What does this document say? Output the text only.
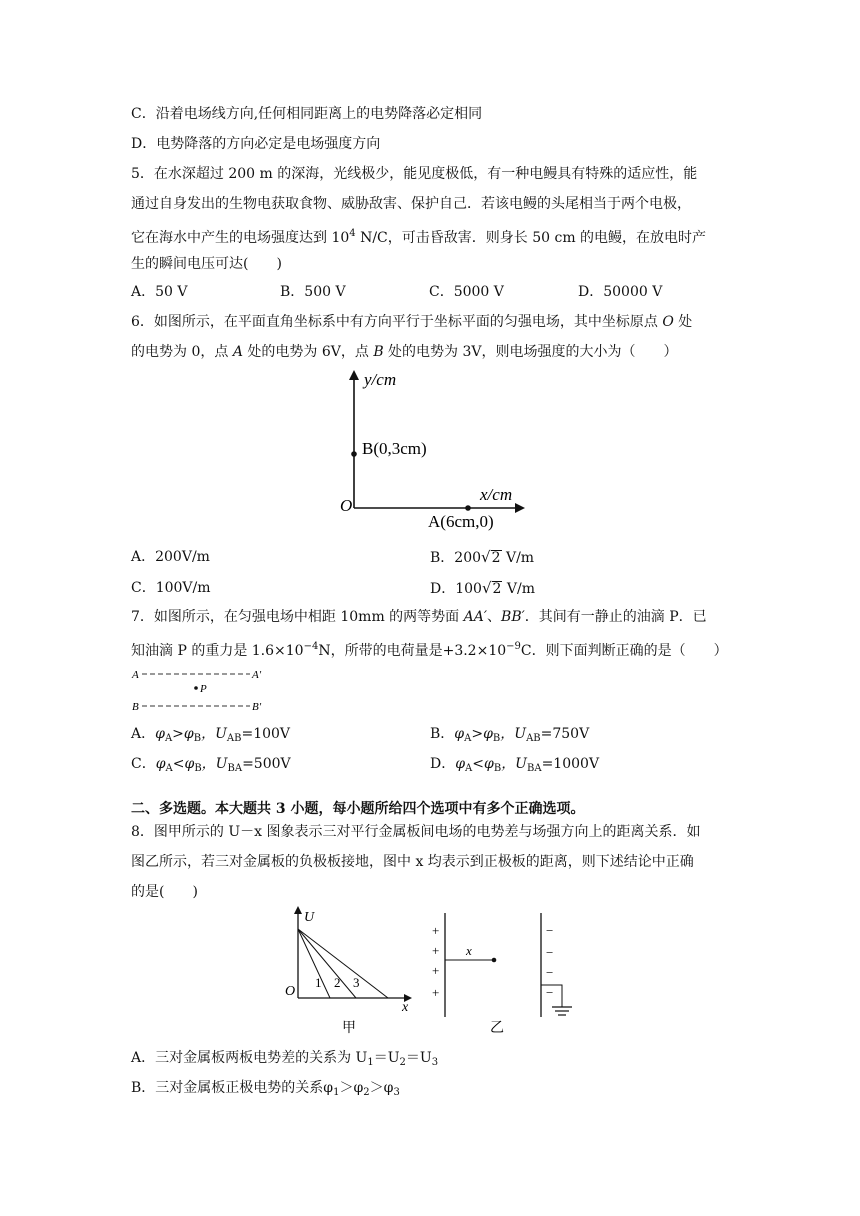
C．沿着电场线方向,任何相同距离上的电势降落必定相同
D．电势降落的方向必定是电场强度方向
5．在水深超过 200 m 的深海，光线极少，能见度极低，有一种电鳗具有特殊的适应性，能
通过自身发出的生物电获取食物、威胁敌害、保护自己．若该电鳗的头尾相当于两个电极，
它在海水中产生的电场强度达到 $10^4$ N/C，可击昏敌害．则身长 50 cm 的电鳗，在放电时产
生的瞬间电压可达(　　)
A．50 V	B．500 V	C．5000 V	D．50000 V
6．如图所示，在平面直角坐标系中有方向平行于坐标平面的匀强电场，其中坐标原点 O 处
的电势为 0，点 A 处的电势为 6V，点 B 处的电势为 3V，则电场强度的大小为（　　）
y/cm
x/cm
O
B(0,3cm)
A(6cm,0)
A．200V/m	B．200√2 V/m
C．100V/m	D．100√2 V/m
7．如图所示，在匀强电场中相距 10mm 的两等势面 AA′、BB′．其间有一静止的油滴 P．已
知油滴 P 的重力是 $1.6\times 10^{-4}N$，所带的电荷量是$+3.2\times 10^{-9}C$．则下面判断正确的是（　　）
A	A′
P
B	B′
A．$\varphi_A>\varphi_B$，$U_{AB}=100V$	B．$\varphi_A>\varphi_B$，$U_{AB}=750V$
C．$\varphi_A<\varphi_B$，$U_{BA}=500V$	D．$\varphi_A<\varphi_B$，$U_{BA}=1000V$
二、多选题。本大题共 3 小题，每小题所给四个选项中有多个正确选项。
8．图甲所示的 U－x 图象表示三对平行金属板间电场的电势差与场强方向上的距离关系．如
图乙所示，若三对金属板的负极板接地，图中 x 均表示到正极板的距离，则下述结论中正确
的是(　　)
U
O
x
1 2 3
甲
+
+
+
+
x
乙
−
−
−
−
A．三对金属板两板电势差的关系为 $U_1=U_2=U_3$
B．三对金属板正极电势的关系$\varphi_1>\varphi_2>\varphi_3$
